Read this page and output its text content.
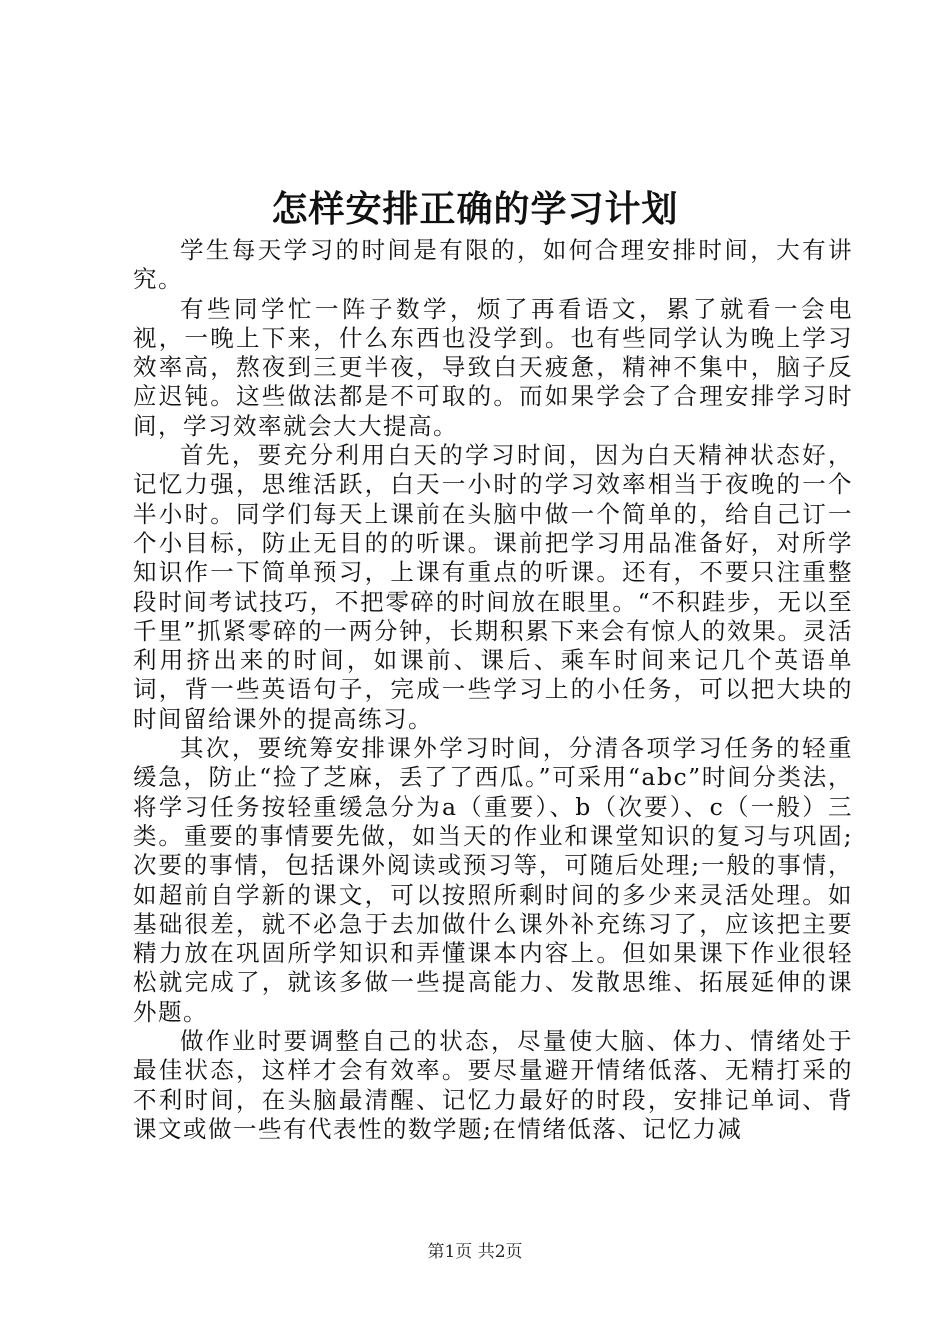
怎样安排正确的学习计划

学生每天学习的时间是有限的，如何合理安排时间，大有讲究。

有些同学忙一阵子数学，烦了再看语文，累了就看一会电视，一晚上下来，什么东西也没学到。也有些同学认为晚上学习效率高，熬夜到三更半夜，导致白天疲惫，精神不集中，脑子反应迟钝。这些做法都是不可取的。而如果学会了合理安排学习时间，学习效率就会大大提高。

首先，要充分利用白天的学习时间，因为白天精神状态好，记忆力强，思维活跃，白天一小时的学习效率相当于夜晚的一个半小时。同学们每天上课前在头脑中做一个简单的，给自己订一个小目标，防止无目的的听课。课前把学习用品准备好，对所学知识作一下简单预习，上课有重点的听课。还有，不要只注重整段时间考试技巧，不把零碎的时间放在眼里。“不积跬步，无以至千里”抓紧零碎的一两分钟，长期积累下来会有惊人的效果。灵活利用挤出来的时间，如课前、课后、乘车时间来记几个英语单词，背一些英语句子，完成一些学习上的小任务，可以把大块的时间留给课外的提高练习。

其次，要统筹安排课外学习时间，分清各项学习任务的轻重缓急，防止“捡了芝麻，丢了了西瓜。”可采用“abc”时间分类法，将学习任务按轻重缓急分为a（重要）、b（次要）、c（一般）三类。重要的事情要先做，如当天的作业和课堂知识的复习与巩固;次要的事情，包括课外阅读或预习等，可随后处理;一般的事情，如超前自学新的课文，可以按照所剩时间的多少来灵活处理。如基础很差，就不必急于去加做什么课外补充练习了，应该把主要精力放在巩固所学知识和弄懂课本内容上。但如果课下作业很轻松就完成了，就该多做一些提高能力、发散思维、拓展延伸的课外题。

做作业时要调整自己的状态，尽量使大脑、体力、情绪处于最佳状态，这样才会有效率。要尽量避开情绪低落、无精打采的不利时间，在头脑最清醒、记忆力最好的时段，安排记单词、背课文或做一些有代表性的数学题;在情绪低落、记忆力减

第1页 共2页
